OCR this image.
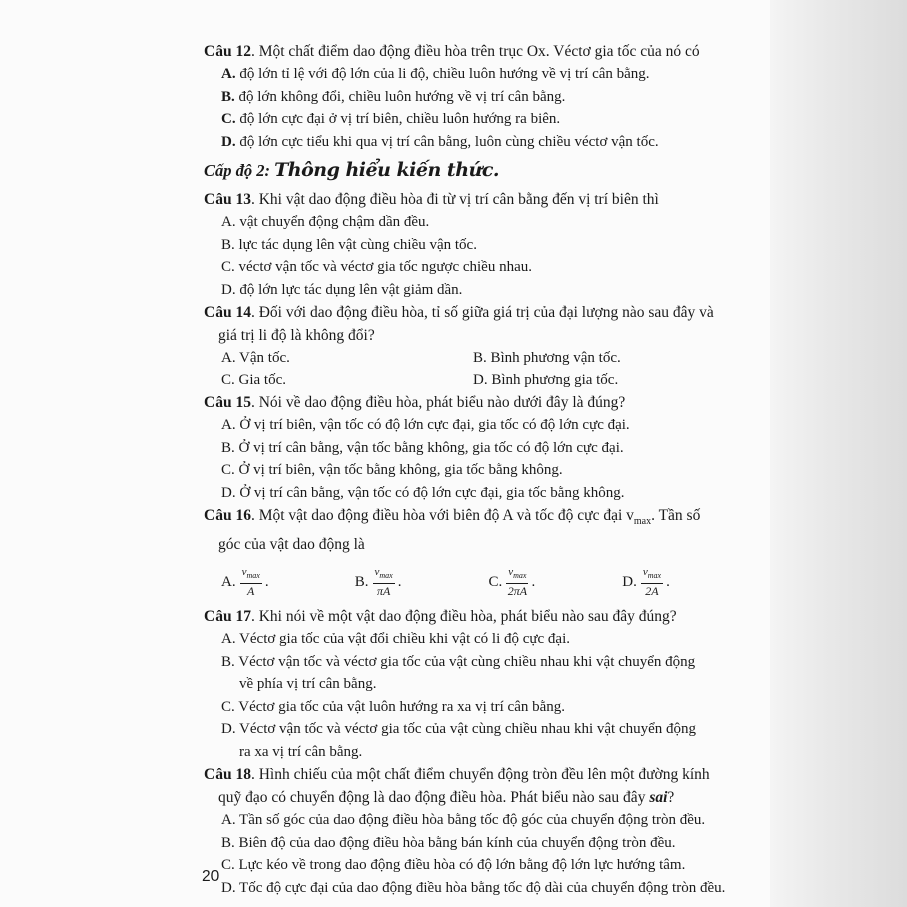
Câu 12. Một chất điểm dao động điều hòa trên trục Ox. Véctơ gia tốc của nó có
A. độ lớn tỉ lệ với độ lớn của li độ, chiều luôn hướng về vị trí cân bằng.
B. độ lớn không đổi, chiều luôn hướng về vị trí cân bằng.
C. độ lớn cực đại ở vị trí biên, chiều luôn hướng ra biên.
D. độ lớn cực tiểu khi qua vị trí cân bằng, luôn cùng chiều véctơ vận tốc.
Cấp độ 2: Thông hiểu kiến thức.
Câu 13. Khi vật dao động điều hòa đi từ vị trí cân bằng đến vị trí biên thì
A. vật chuyển động chậm dần đều.
B. lực tác dụng lên vật cùng chiều vận tốc.
C. véctơ vận tốc và véctơ gia tốc ngược chiều nhau.
D. độ lớn lực tác dụng lên vật giảm dần.
Câu 14. Đối với dao động điều hòa, tỉ số giữa giá trị của đại lượng nào sau đây và
giá trị li độ là không đổi?
A. Vận tốc.	B. Bình phương vận tốc.
C. Gia tốc.	D. Bình phương gia tốc.
Câu 15. Nói về dao động điều hòa, phát biểu nào dưới đây là đúng?
A. Ở vị trí biên, vận tốc có độ lớn cực đại, gia tốc có độ lớn cực đại.
B. Ở vị trí cân bằng, vận tốc bằng không, gia tốc có độ lớn cực đại.
C. Ở vị trí biên, vận tốc bằng không, gia tốc bằng không.
D. Ở vị trí cân bằng, vận tốc có độ lớn cực đại, gia tốc bằng không.
Câu 16. Một vật dao động điều hòa với biên độ A và tốc độ cực đại $v_{max}$. Tần số
góc của vật dao động là
A. $\frac{v_{max}}{A}$ .	B. $\frac{v_{max}}{\pi A}$ .	C. $\frac{v_{max}}{2\pi A}$ .	D. $\frac{v_{max}}{2A}$ .
Câu 17. Khi nói về một vật dao động điều hòa, phát biểu nào sau đây đúng?
A. Véctơ gia tốc của vật đổi chiều khi vật có li độ cực đại.
B. Véctơ vận tốc và véctơ gia tốc của vật cùng chiều nhau khi vật chuyển động
về phía vị trí cân bằng.
C. Véctơ gia tốc của vật luôn hướng ra xa vị trí cân bằng.
D. Véctơ vận tốc và véctơ gia tốc của vật cùng chiều nhau khi vật chuyển động
ra xa vị trí cân bằng.
Câu 18. Hình chiếu của một chất điểm chuyển động tròn đều lên một đường kính
quỹ đạo có chuyển động là dao động điều hòa. Phát biểu nào sau đây sai?
A. Tần số góc của dao động điều hòa bằng tốc độ góc của chuyển động tròn đều.
B. Biên độ của dao động điều hòa bằng bán kính của chuyển động tròn đều.
C. Lực kéo về trong dao động điều hòa có độ lớn bằng độ lớn lực hướng tâm.
D. Tốc độ cực đại của dao động điều hòa bằng tốc độ dài của chuyển động tròn đều.
20
